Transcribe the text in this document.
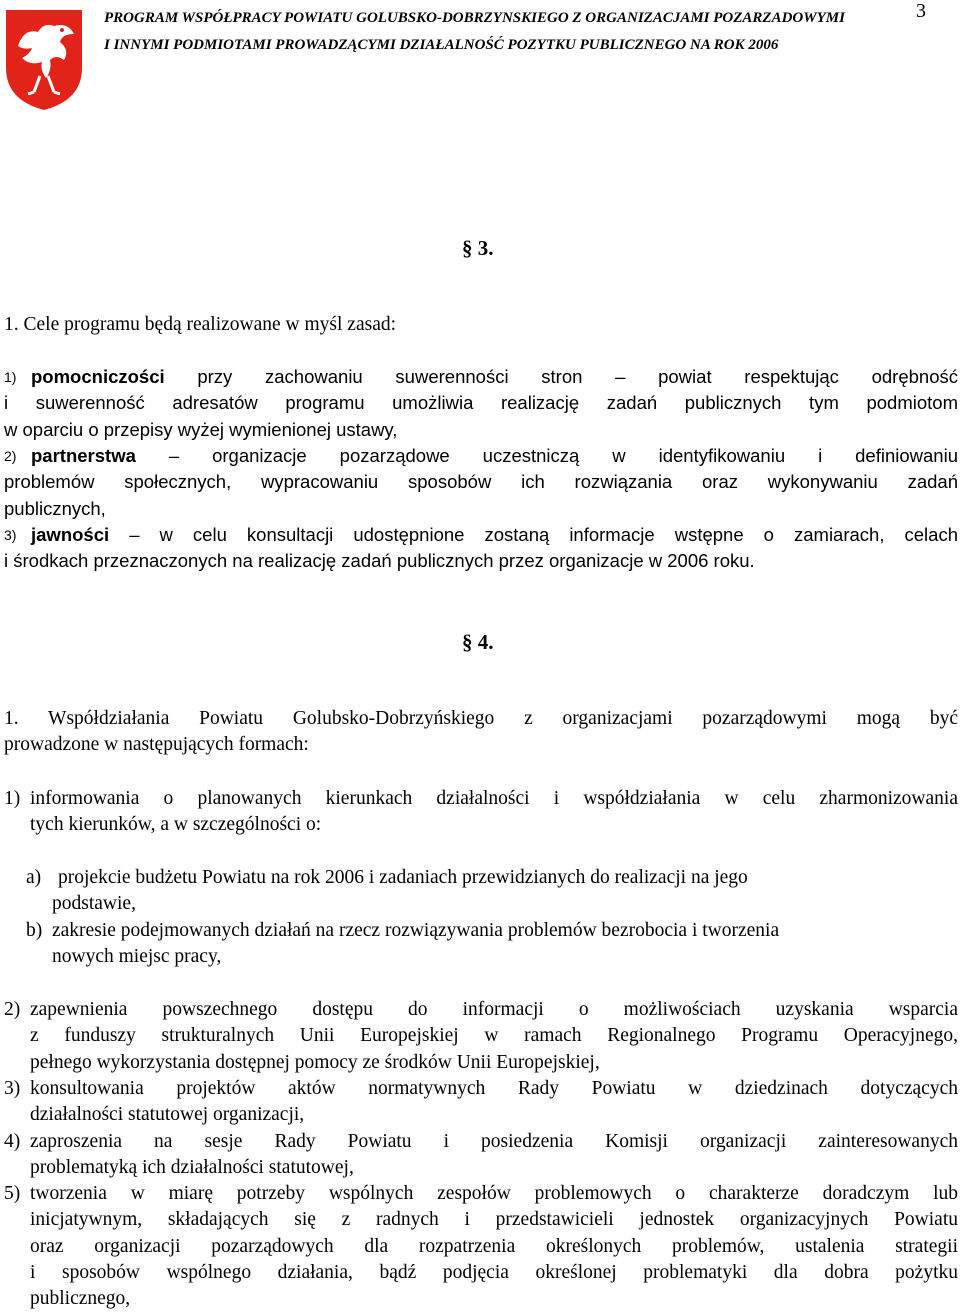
PROGRAM WSPÓŁPRACY POWIATU GOLUBSKO-DOBRZYNSKIEGO Z ORGANIZACJAMI POZARZADOWYMI
I INNYMI PODMIOTAMI PROWADZĄCYMI DZIAŁALNOŚĆ POZYTKU PUBLICZNEGO NA ROK 2006
3
§ 3.
1. Cele programu będą realizowane w myśl zasad:
1) pomocniczości przy zachowaniu suwerenności stron – powiat respektując odrębność
i suwerenność adresatów programu umożliwia realizację zadań publicznych tym podmiotom
w oparciu o przepisy wyżej wymienionej ustawy,
2) partnerstwa – organizacje pozarządowe uczestniczą w identyfikowaniu i definiowaniu
problemów społecznych, wypracowaniu sposobów ich rozwiązania oraz wykonywaniu zadań
publicznych,
3) jawności – w celu konsultacji udostępnione zostaną informacje wstępne o zamiarach, celach
i środkach przeznaczonych na realizację zadań publicznych przez organizacje w 2006 roku.
§ 4.
1. Współdziałania Powiatu Golubsko-Dobrzyńskiego z organizacjami pozarządowymi mogą być
prowadzone w następujących formach:
1) informowania o planowanych kierunkach działalności i współdziałania w celu zharmonizowania
tych kierunków, a w szczególności o:
a) projekcie budżetu Powiatu na rok 2006 i zadaniach przewidzianych do realizacji na jego
podstawie,
b) zakresie podejmowanych działań na rzecz rozwiązywania problemów bezrobocia i tworzenia
nowych miejsc pracy,
2) zapewnienia powszechnego dostępu do informacji o możliwościach uzyskania wsparcia
z funduszy strukturalnych Unii Europejskiej w ramach Regionalnego Programu Operacyjnego,
pełnego wykorzystania dostępnej pomocy ze środków Unii Europejskiej,
3) konsultowania projektów aktów normatywnych Rady Powiatu w dziedzinach dotyczących
działalności statutowej organizacji,
4) zaproszenia na sesje Rady Powiatu i posiedzenia Komisji organizacji zainteresowanych
problematyką ich działalności statutowej,
5) tworzenia w miarę potrzeby wspólnych zespołów problemowych o charakterze doradczym lub
inicjatywnym, składających się z radnych i przedstawicieli jednostek organizacyjnych Powiatu
oraz organizacji pozarządowych dla rozpatrzenia określonych problemów, ustalenia strategii
i sposobów wspólnego działania, bądź podjęcia określonej problematyki dla dobra pożytku
publicznego,
